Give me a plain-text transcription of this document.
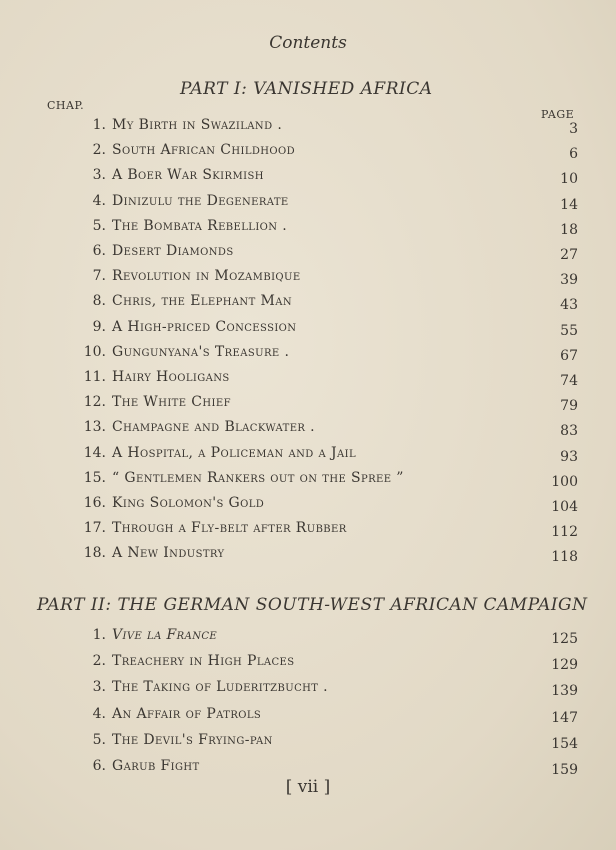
Contents
PART I: VANISHED AFRICA
CHAP.
PAGE
1. My Birth in Swaziland .	3
2. South African Childhood	6
3. A Boer War Skirmish	10
4. Dinizulu the Degenerate	14
5. The Bombata Rebellion .	18
6. Desert Diamonds	27
7. Revolution in Mozambique	39
8. Chris, the Elephant Man	43
9. A High-priced Concession	55
10. Gungunyana's Treasure .	67
11. Hairy Hooligans	74
12. The White Chief	79
13. Champagne and Blackwater .	83
14. A Hospital, a Policeman and a Jail	93
15. “ Gentlemen Rankers out on the Spree ”	100
16. King Solomon's Gold	104
17. Through a Fly-belt after Rubber	112
18. A New Industry	118
PART II: THE GERMAN SOUTH-WEST AFRICAN CAMPAIGN
1. Vive la France	125
2. Treachery in High Places	129
3. The Taking of Luderitzbucht .	139
4. An Affair of Patrols	147
5. The Devil's Frying-pan	154
6. Garub Fight	159
[ vii ]
